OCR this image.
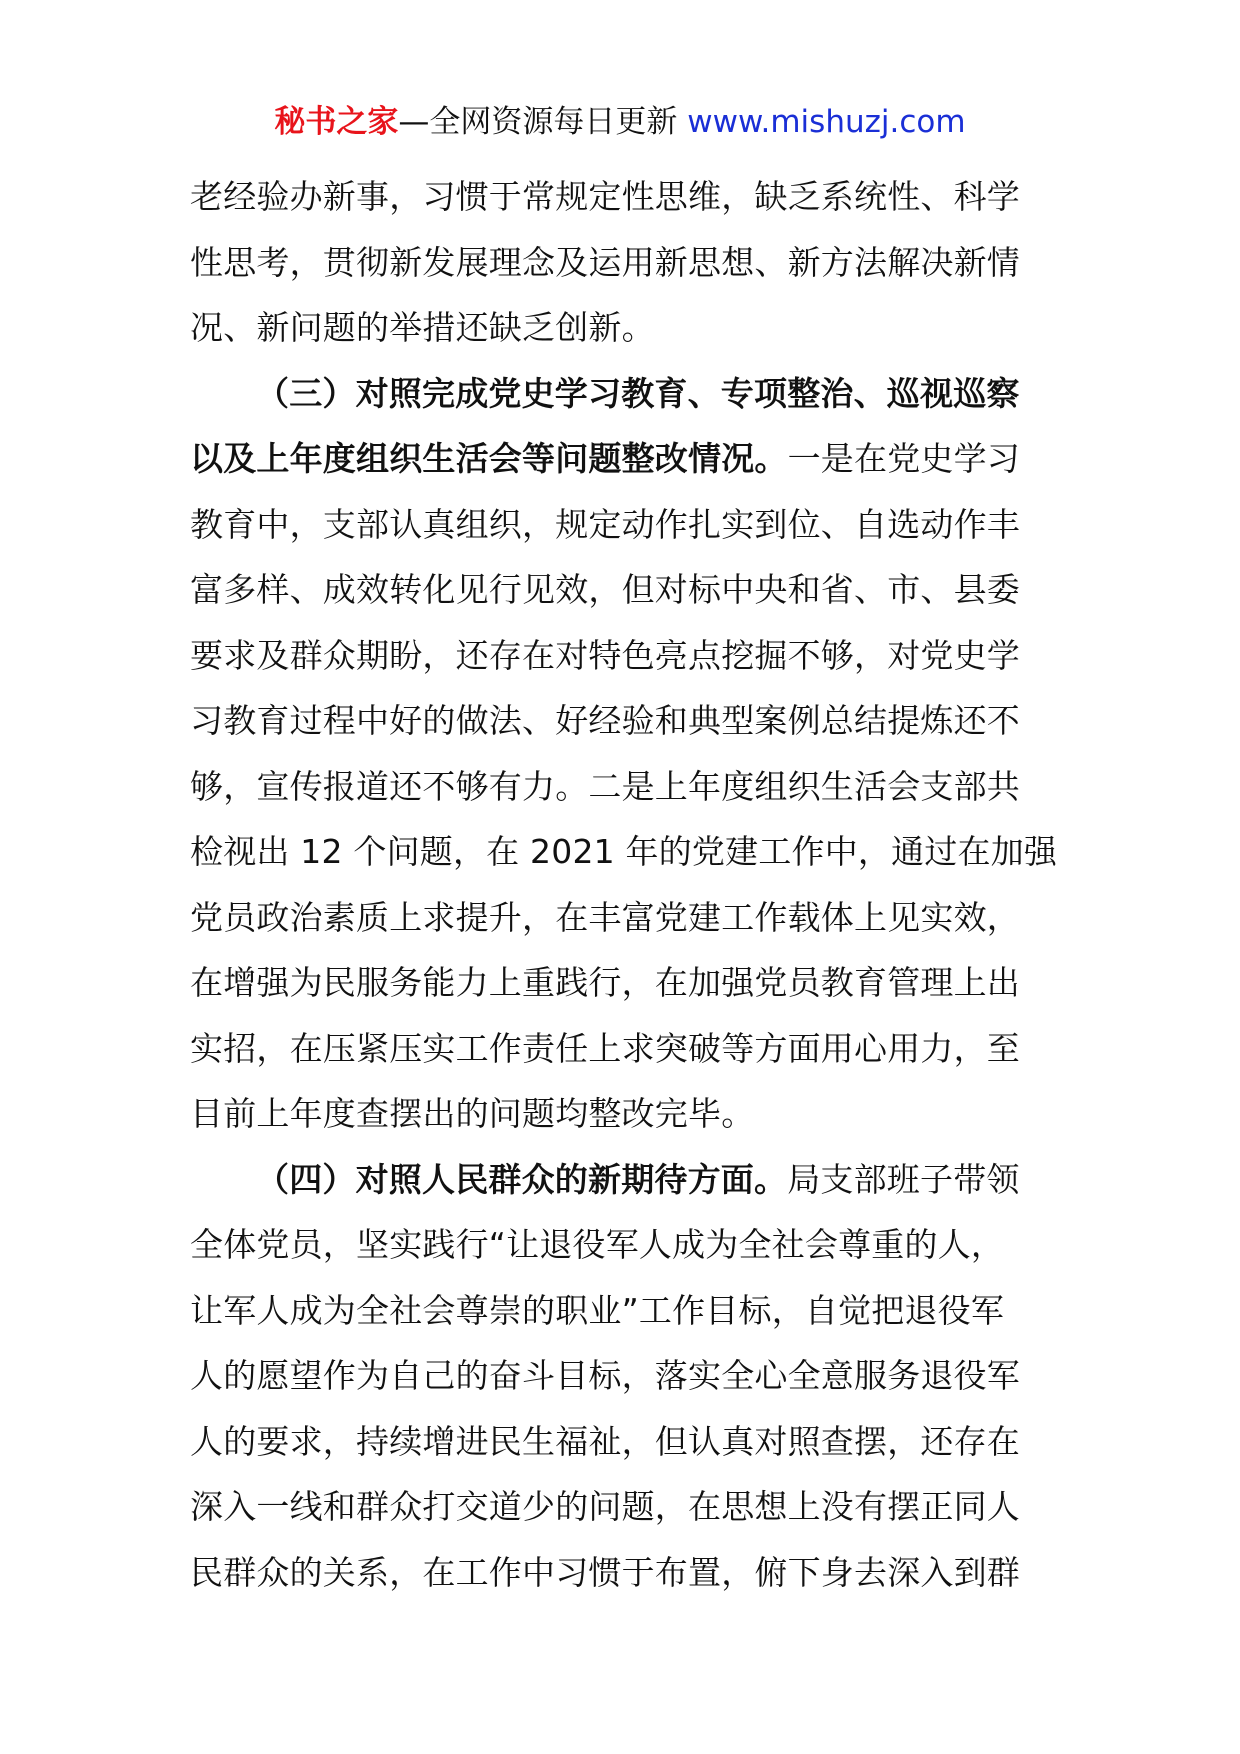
秘书之家—全网资源每日更新 www.mishuzj.com
老经验办新事，习惯于常规定性思维，缺乏系统性、科学
性思考，贯彻新发展理念及运用新思想、新方法解决新情
况、新问题的举措还缺乏创新。
（三）对照完成党史学习教育、专项整治、巡视巡察
以及上年度组织生活会等问题整改情况。一是在党史学习
教育中，支部认真组织，规定动作扎实到位、自选动作丰
富多样、成效转化见行见效，但对标中央和省、市、县委
要求及群众期盼，还存在对特色亮点挖掘不够，对党史学
习教育过程中好的做法、好经验和典型案例总结提炼还不
够，宣传报道还不够有力。二是上年度组织生活会支部共
检视出 12 个问题，在 2021 年的党建工作中，通过在加强
党员政治素质上求提升，在丰富党建工作载体上见实效，
在增强为民服务能力上重践行，在加强党员教育管理上出
实招，在压紧压实工作责任上求突破等方面用心用力，至
目前上年度查摆出的问题均整改完毕。
（四）对照人民群众的新期待方面。局支部班子带领
全体党员，坚实践行“让退役军人成为全社会尊重的人，
让军人成为全社会尊崇的职业”工作目标，自觉把退役军
人的愿望作为自己的奋斗目标，落实全心全意服务退役军
人的要求，持续增进民生福祉，但认真对照查摆，还存在
深入一线和群众打交道少的问题，在思想上没有摆正同人
民群众的关系，在工作中习惯于布置，俯下身去深入到群
